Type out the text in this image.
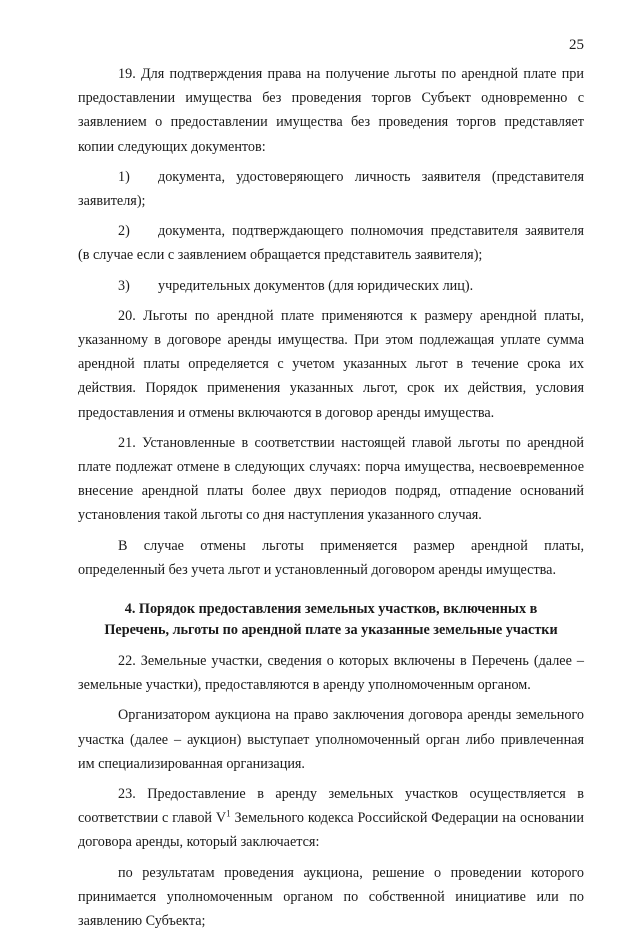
25

19. Для подтверждения права на получение льготы по арендной плате при предоставлении имущества без проведения торгов Субъект одновременно с заявлением о предоставлении имущества без проведения торгов представляет копии следующих документов:

1) документа, удостоверяющего личность заявителя (представителя заявителя);

2) документа, подтверждающего полномочия представителя заявителя (в случае если с заявлением обращается представитель заявителя);

3) учредительных документов (для юридических лиц).

20. Льготы по арендной плате применяются к размеру арендной платы, указанному в договоре аренды имущества. При этом подлежащая уплате сумма арендной платы определяется с учетом указанных льгот в течение срока их действия. Порядок применения указанных льгот, срок их действия, условия предоставления и отмены включаются в договор аренды имущества.

21. Установленные в соответствии настоящей главой льготы по арендной плате подлежат отмене в следующих случаях: порча имущества, несвоевременное внесение арендной платы более двух периодов подряд, отпадение оснований установления такой льготы со дня наступления указанного случая.

В случае отмены льготы применяется размер арендной платы, определенный без учета льгот и установленный договором аренды имущества.

4. Порядок предоставления земельных участков, включенных в
Перечень, льготы по арендной плате за указанные земельные участки

22. Земельные участки, сведения о которых включены в Перечень (далее – земельные участки), предоставляются в аренду уполномоченным органом.

Организатором аукциона на право заключения договора аренды земельного участка (далее – аукцион) выступает уполномоченный орган либо привлеченная им специализированная организация.

23. Предоставление в аренду земельных участков осуществляется в соответствии с главой $V^1$ Земельного кодекса Российской Федерации на основании договора аренды, который заключается:

по результатам проведения аукциона, решение о проведении которого принимается уполномоченным органом по собственной инициативе или по заявлению Субъекта;
